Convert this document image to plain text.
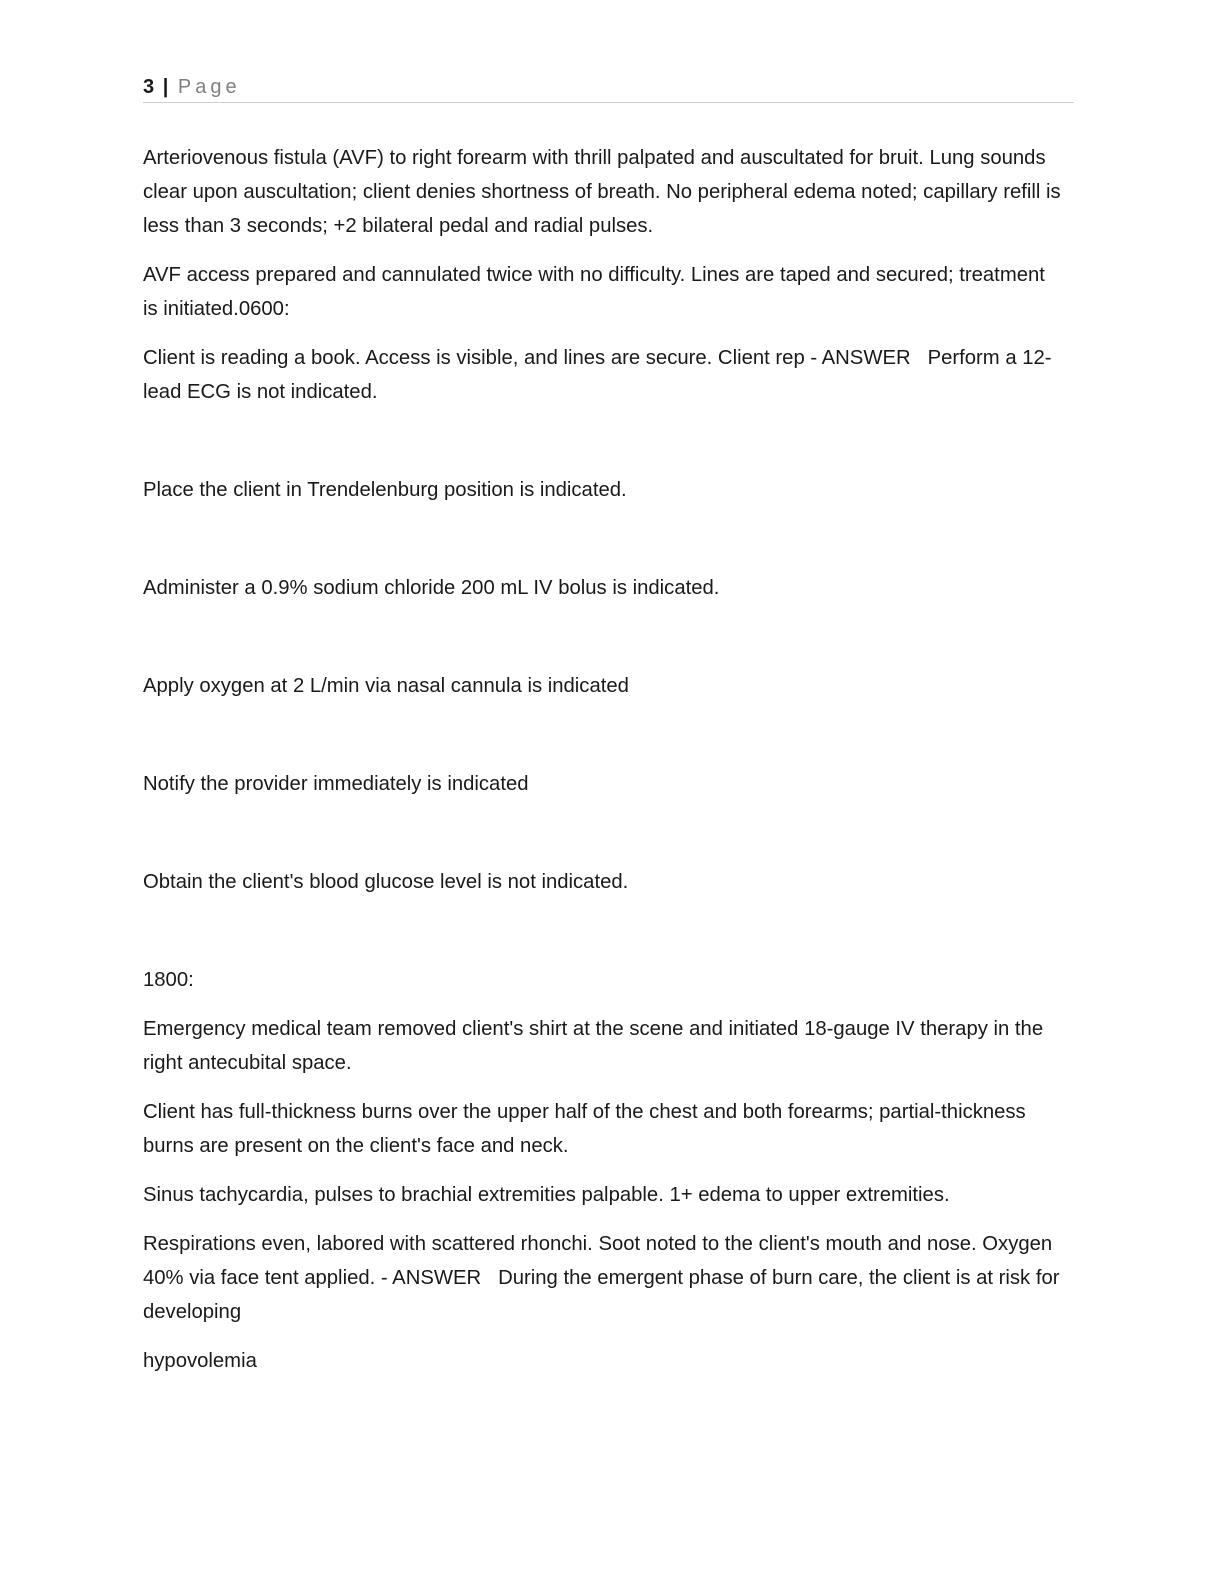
3 | Page

Arteriovenous fistula (AVF) to right forearm with thrill palpated and auscultated for bruit. Lung sounds clear upon auscultation; client denies shortness of breath. No peripheral edema noted; capillary refill is less than 3 seconds; +2 bilateral pedal and radial pulses.

AVF access prepared and cannulated twice with no difficulty. Lines are taped and secured; treatment is initiated.0600:

Client is reading a book. Access is visible, and lines are secure. Client rep - ANSWER Perform a 12-lead ECG is not indicated.

Place the client in Trendelenburg position is indicated.

Administer a 0.9% sodium chloride 200 mL IV bolus is indicated.

Apply oxygen at 2 L/min via nasal cannula is indicated

Notify the provider immediately is indicated

Obtain the client's blood glucose level is not indicated.

1800:

Emergency medical team removed client's shirt at the scene and initiated 18-gauge IV therapy in the right antecubital space.

Client has full-thickness burns over the upper half of the chest and both forearms; partial-thickness burns are present on the client's face and neck.

Sinus tachycardia, pulses to brachial extremities palpable. 1+ edema to upper extremities.

Respirations even, labored with scattered rhonchi. Soot noted to the client's mouth and nose. Oxygen 40% via face tent applied. - ANSWER During the emergent phase of burn care, the client is at risk for developing

hypovolemia
